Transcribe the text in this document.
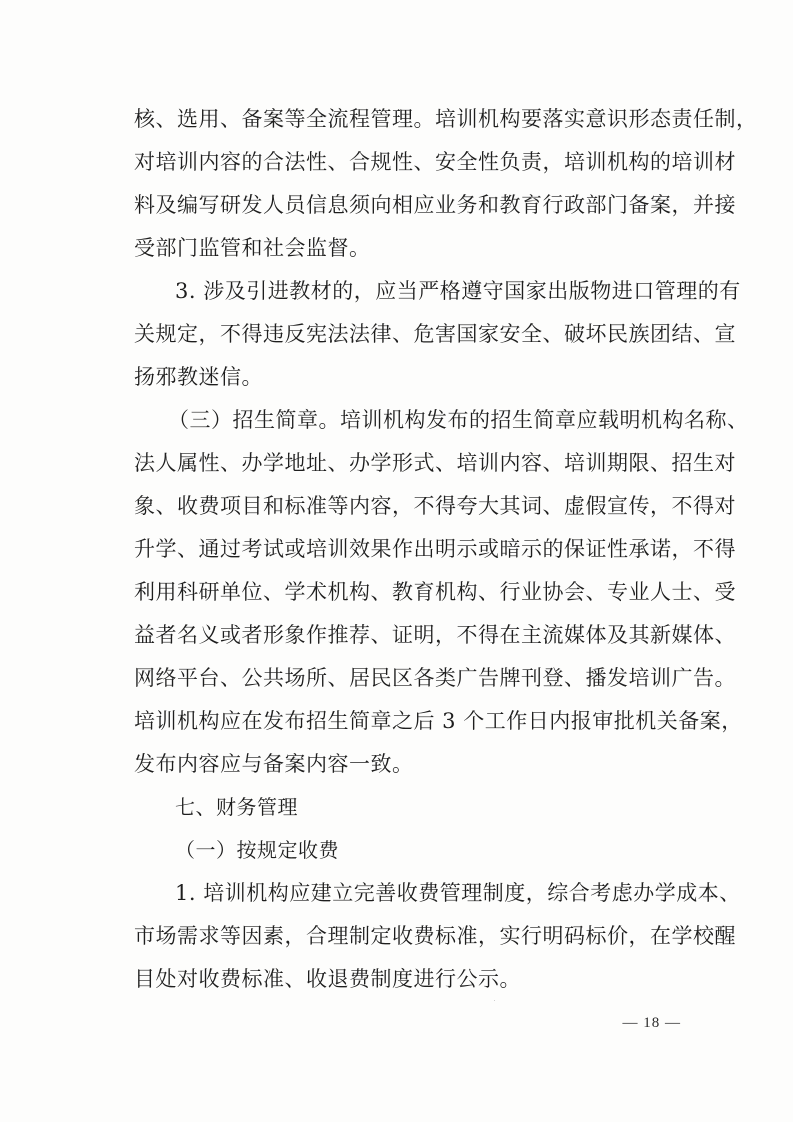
核、选用、备案等全流程管理。培训机构要落实意识形态责任制，
对培训内容的合法性、合规性、安全性负责，培训机构的培训材
料及编写研发人员信息须向相应业务和教育行政部门备案，并接
受部门监管和社会监督。
3. 涉及引进教材的，应当严格遵守国家出版物进口管理的有
关规定，不得违反宪法法律、危害国家安全、破坏民族团结、宣
扬邪教迷信。
（三）招生简章。培训机构发布的招生简章应载明机构名称、
法人属性、办学地址、办学形式、培训内容、培训期限、招生对
象、收费项目和标准等内容，不得夸大其词、虚假宣传，不得对
升学、通过考试或培训效果作出明示或暗示的保证性承诺，不得
利用科研单位、学术机构、教育机构、行业协会、专业人士、受
益者名义或者形象作推荐、证明，不得在主流媒体及其新媒体、
网络平台、公共场所、居民区各类广告牌刊登、播发培训广告。
培训机构应在发布招生简章之后 3 个工作日内报审批机关备案，
发布内容应与备案内容一致。
七、财务管理
（一）按规定收费
1. 培训机构应建立完善收费管理制度，综合考虑办学成本、
市场需求等因素，合理制定收费标准，实行明码标价，在学校醒
目处对收费标准、收退费制度进行公示。
— 18 —
